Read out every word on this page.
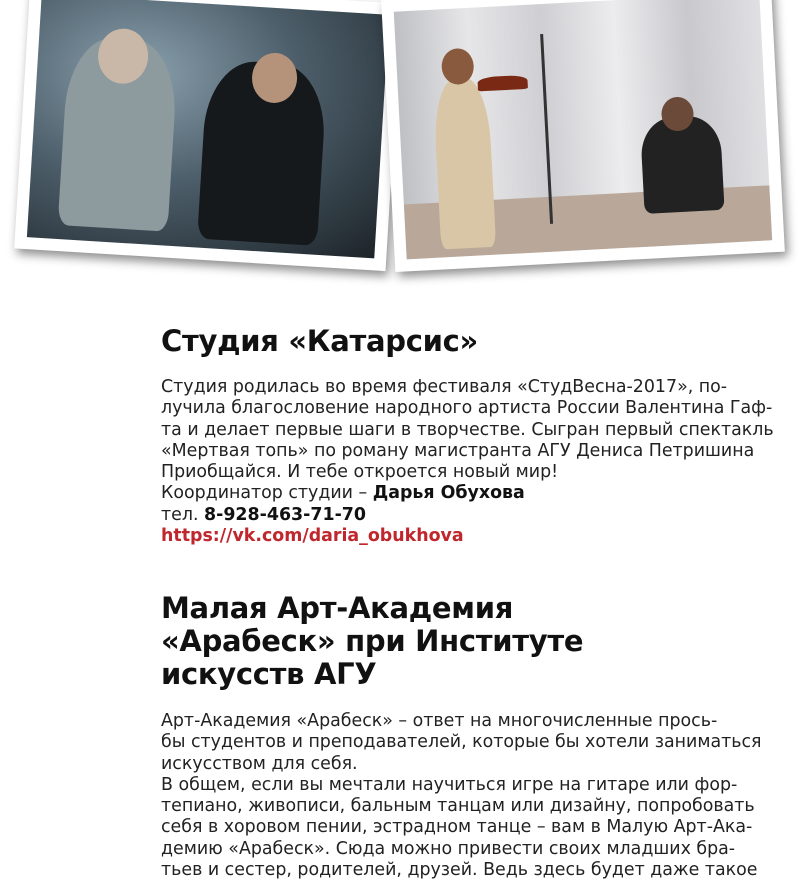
Студия «Катарсис»
Студия родилась во время фестиваля «СтудВесна-2017», по-
лучила благословение народного артиста России Валентина Гаф-
та и делает первые шаги в творчестве. Сыгран первый спектакль
«Мертвая топь» по роману магистранта АГУ Дениса Петришина
Приобщайся. И тебе откроется новый мир!
Координатор студии – Дарья Обухова
тел. 8-928-463-71-70
https://vk.com/daria_obukhova
Малая Арт-Академия
«Арабеск» при Институте
искусств АГУ
Арт-Академия «Арабеск» – ответ на многочисленные прось-
бы студентов и преподавателей, которые бы хотели заниматься
искусством для себя.
В общем, если вы мечтали научиться игре на гитаре или фор-
тепиано, живописи, бальным танцам или дизайну, попробовать
себя в хоровом пении, эстрадном танце – вам в Малую Арт-Ака-
демию «Арабеск». Сюда можно привести своих младших бра-
тьев и сестер, родителей, друзей. Ведь здесь будет даже такое
